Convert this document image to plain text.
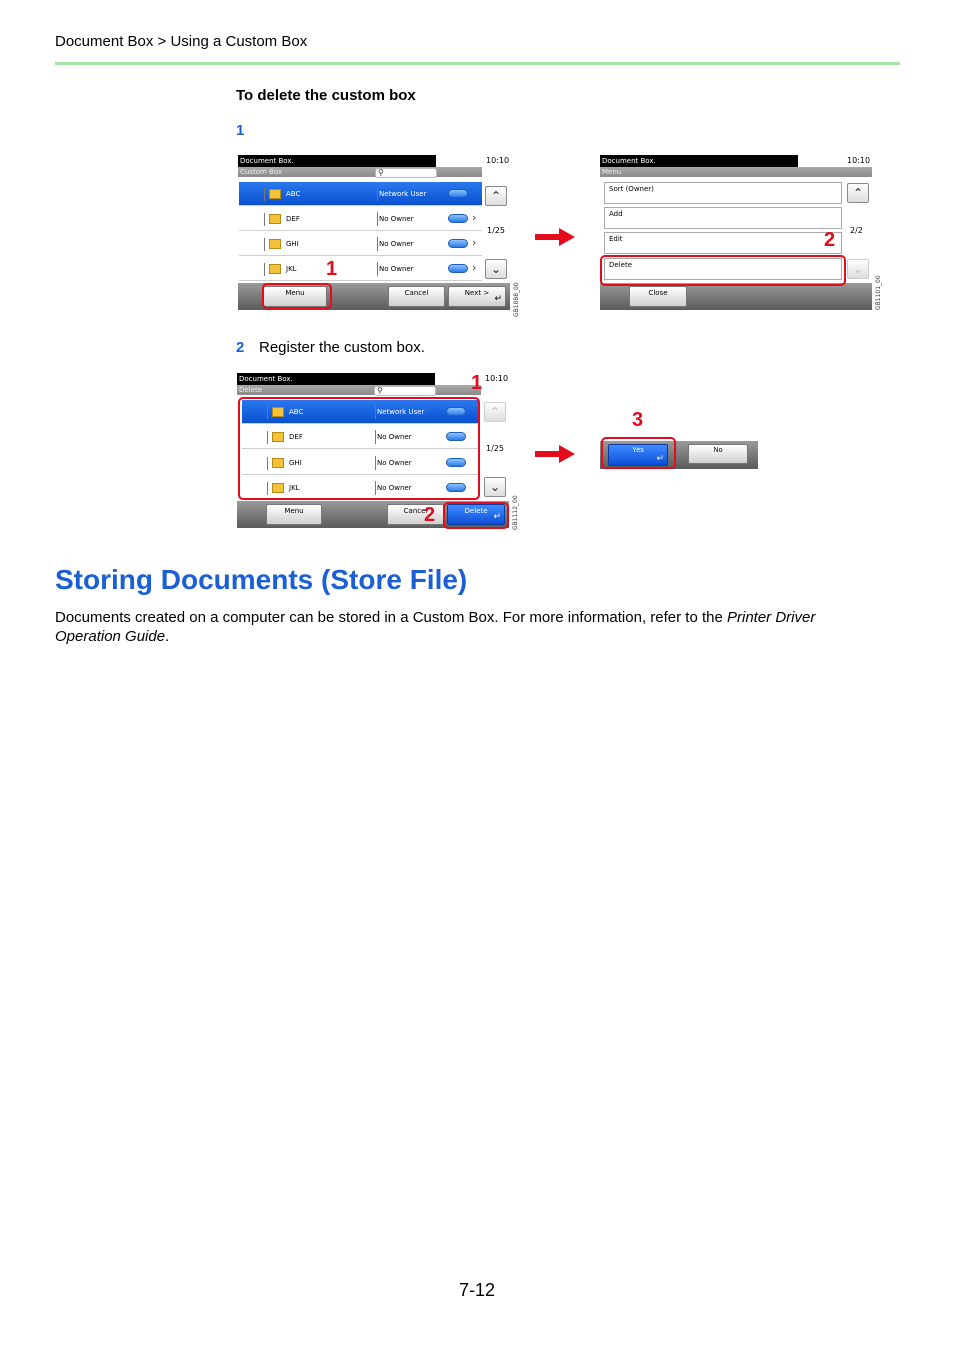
Document Box > Using a Custom Box
To delete the custom box
1
Document Box.	10:10
Custom Box	⚲
ABC	Network User
DEF	No Owner	›
GHI	No Owner	›
JKL	No Owner	›
⌃
1/25
⌄
Menu	Cancel	Next >
↵ GB1088_00
1
Document Box.	10:10
Menu
Sort (Owner)
Add
Edit
Delete
⌃
2/2
⌄
Close	GB1101_00
2
2 Register the custom box.
Document Box.	10:10
Delete	⚲
ABC	Network User
DEF	No Owner
GHI	No Owner
JKL	No Owner
⌃
1/25
⌄
Menu	Cancel	Delete
↵ GB1112_00
1
2
Yes
↵
No
3
Storing Documents (Store File)
Documents created on a computer can be stored in a Custom Box. For more information, refer to the Printer Driver Operation Guide.
7-12
